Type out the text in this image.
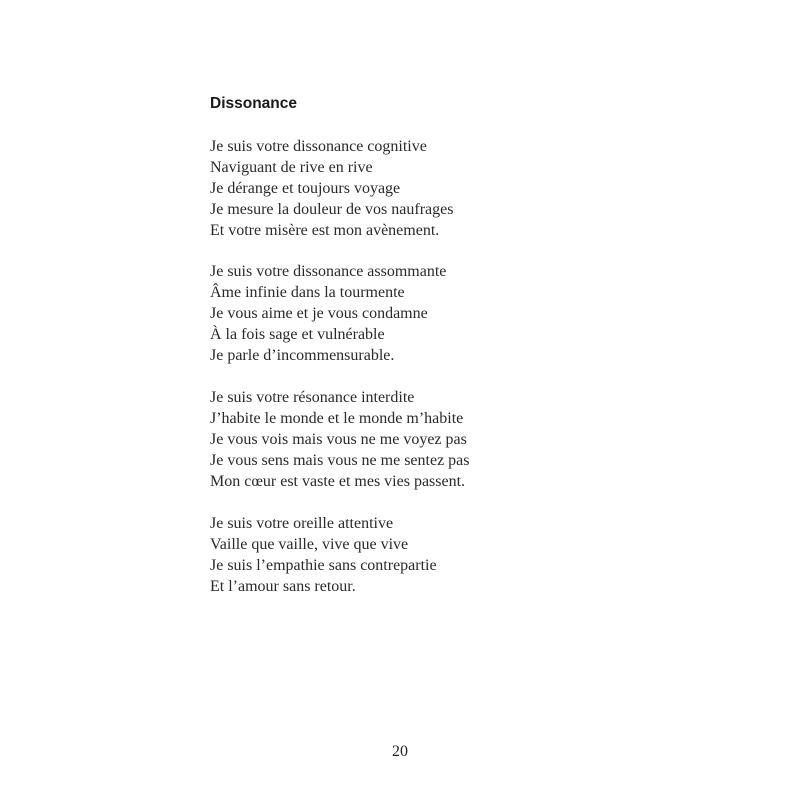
Dissonance
Je suis votre dissonance cognitive
Naviguant de rive en rive
Je dérange et toujours voyage
Je mesure la douleur de vos naufrages
Et votre misère est mon avènement.
Je suis votre dissonance assommante
Âme infinie dans la tourmente
Je vous aime et je vous condamne
À la fois sage et vulnérable
Je parle d’incommensurable.
Je suis votre résonance interdite
J’habite le monde et le monde m’habite
Je vous vois mais vous ne me voyez pas
Je vous sens mais vous ne me sentez pas
Mon cœur est vaste et mes vies passent.
Je suis votre oreille attentive
Vaille que vaille, vive que vive
Je suis l’empathie sans contrepartie
Et l’amour sans retour.
20
